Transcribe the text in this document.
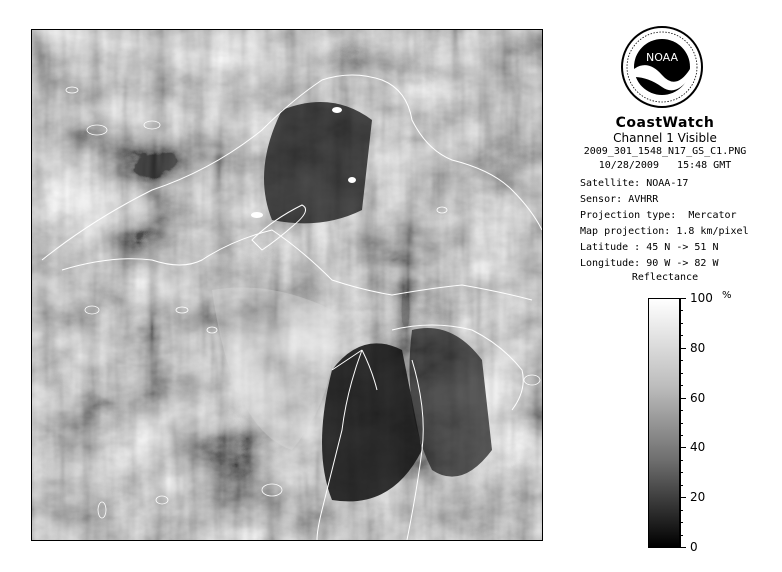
NOAA
CoastWatch
Channel 1 Visible
2009_301_1548_N17_GS_C1.PNG
10/28/2009 15:48 GMT
Satellite: NOAA-17
Sensor: AVHRR
Projection type: Mercator
Map projection: 1.8 km/pixel
Latitude : 45 N -> 51 N
Longitude: 90 W -> 82 W
Reflectance
%
100
80
60
40
20
0
